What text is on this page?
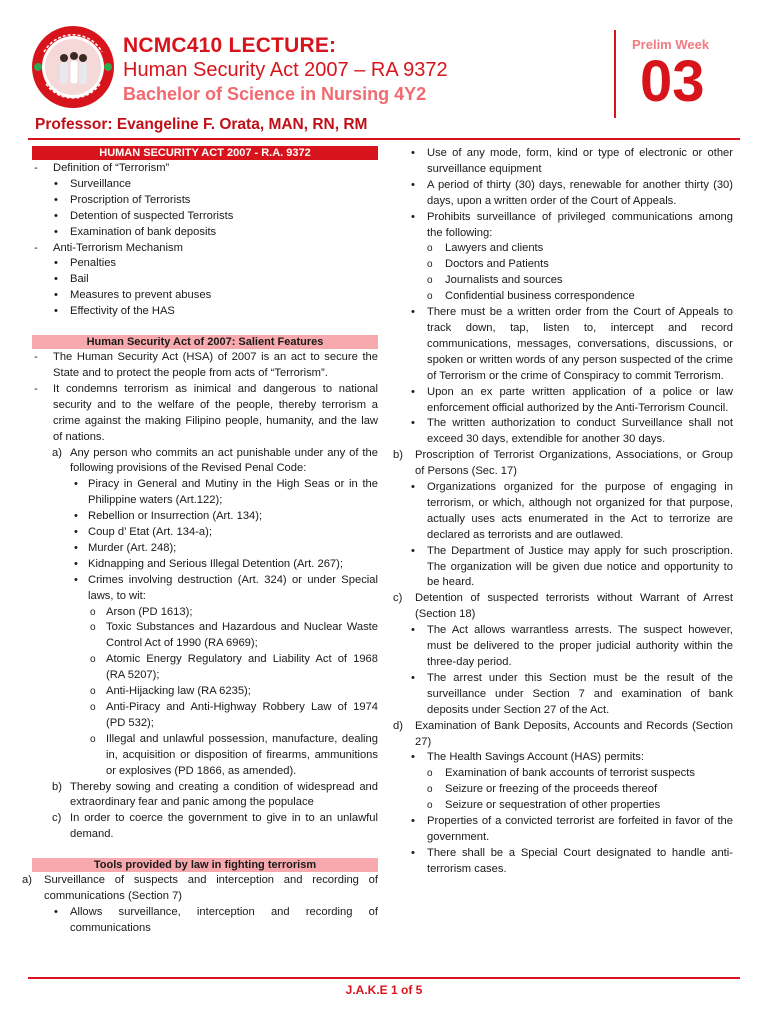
NCMC410 LECTURE:
Human Security Act 2007 – RA 9372
Bachelor of Science in Nursing 4Y2
Prelim Week
03
Professor: Evangeline F. Orata, MAN, RN, RM
HUMAN SECURITY ACT 2007 - R.A. 9372
- Definition of “Terrorism”
• Surveillance
• Proscription of Terrorists
• Detention of suspected Terrorists
• Examination of bank deposits
- Anti-Terrorism Mechanism
• Penalties
• Bail
• Measures to prevent abuses
• Effectivity of the HAS
Human Security Act of 2007: Salient Features
- The Human Security Act (HSA) of 2007 is an act to secure the State and to protect the people from acts of “Terrorism”.
- It condemns terrorism as inimical and dangerous to national security and to the welfare of the people, thereby terrorism a crime against the making Filipino people, humanity, and the law of nations.
a) Any person who commits an act punishable under any of the following provisions of the Revised Penal Code:
• Piracy in General and Mutiny in the High Seas or in the Philippine waters (Art.122);
• Rebellion or Insurrection (Art. 134);
• Coup d’ Etat (Art. 134-a);
• Murder (Art. 248);
• Kidnapping and Serious Illegal Detention (Art. 267);
• Crimes involving destruction (Art. 324) or under Special laws, to wit:
o Arson (PD 1613);
o Toxic Substances and Hazardous and Nuclear Waste Control Act of 1990 (RA 6969);
o Atomic Energy Regulatory and Liability Act of 1968 (RA 5207);
o Anti-Hijacking law (RA 6235);
o Anti-Piracy and Anti-Highway Robbery Law of 1974 (PD 532);
o Illegal and unlawful possession, manufacture, dealing in, acquisition or disposition of firearms, ammunitions or explosives (PD 1866, as amended).
b) Thereby sowing and creating a condition of widespread and extraordinary fear and panic among the populace
c) In order to coerce the government to give in to an unlawful demand.
Tools provided by law in fighting terrorism
a) Surveillance of suspects and interception and recording of communications (Section 7)
• Allows surveillance, interception and recording of communications
• Use of any mode, form, kind or type of electronic or other surveillance equipment
• A period of thirty (30) days, renewable for another thirty (30) days, upon a written order of the Court of Appeals.
• Prohibits surveillance of privileged communications among the following:
o Lawyers and clients
o Doctors and Patients
o Journalists and sources
o Confidential business correspondence
• There must be a written order from the Court of Appeals to track down, tap, listen to, intercept and record communications, messages, conversations, discussions, or spoken or written words of any person suspected of the crime of Terrorism or the crime of Conspiracy to commit Terrorism.
• Upon an ex parte written application of a police or law enforcement official authorized by the Anti-Terrorism Council.
• The written authorization to conduct Surveillance shall not exceed 30 days, extendible for another 30 days.
b) Proscription of Terrorist Organizations, Associations, or Group of Persons (Sec. 17)
• Organizations organized for the purpose of engaging in terrorism, or which, although not organized for that purpose, actually uses acts enumerated in the Act to terrorize are declared as terrorists and are outlawed.
• The Department of Justice may apply for such proscription. The organization will be given due notice and opportunity to be heard.
c) Detention of suspected terrorists without Warrant of Arrest (Section 18)
• The Act allows warrantless arrests. The suspect however, must be delivered to the proper judicial authority within the three-day period.
• The arrest under this Section must be the result of the surveillance under Section 7 and examination of bank deposits under Section 27 of the Act.
d) Examination of Bank Deposits, Accounts and Records (Section 27)
• The Health Savings Account (HAS) permits:
o Examination of bank accounts of terrorist suspects
o Seizure or freezing of the proceeds thereof
o Seizure or sequestration of other properties
• Properties of a convicted terrorist are forfeited in favor of the government.
• There shall be a Special Court designated to handle anti-terrorism cases.
J.A.K.E 1 of 5
